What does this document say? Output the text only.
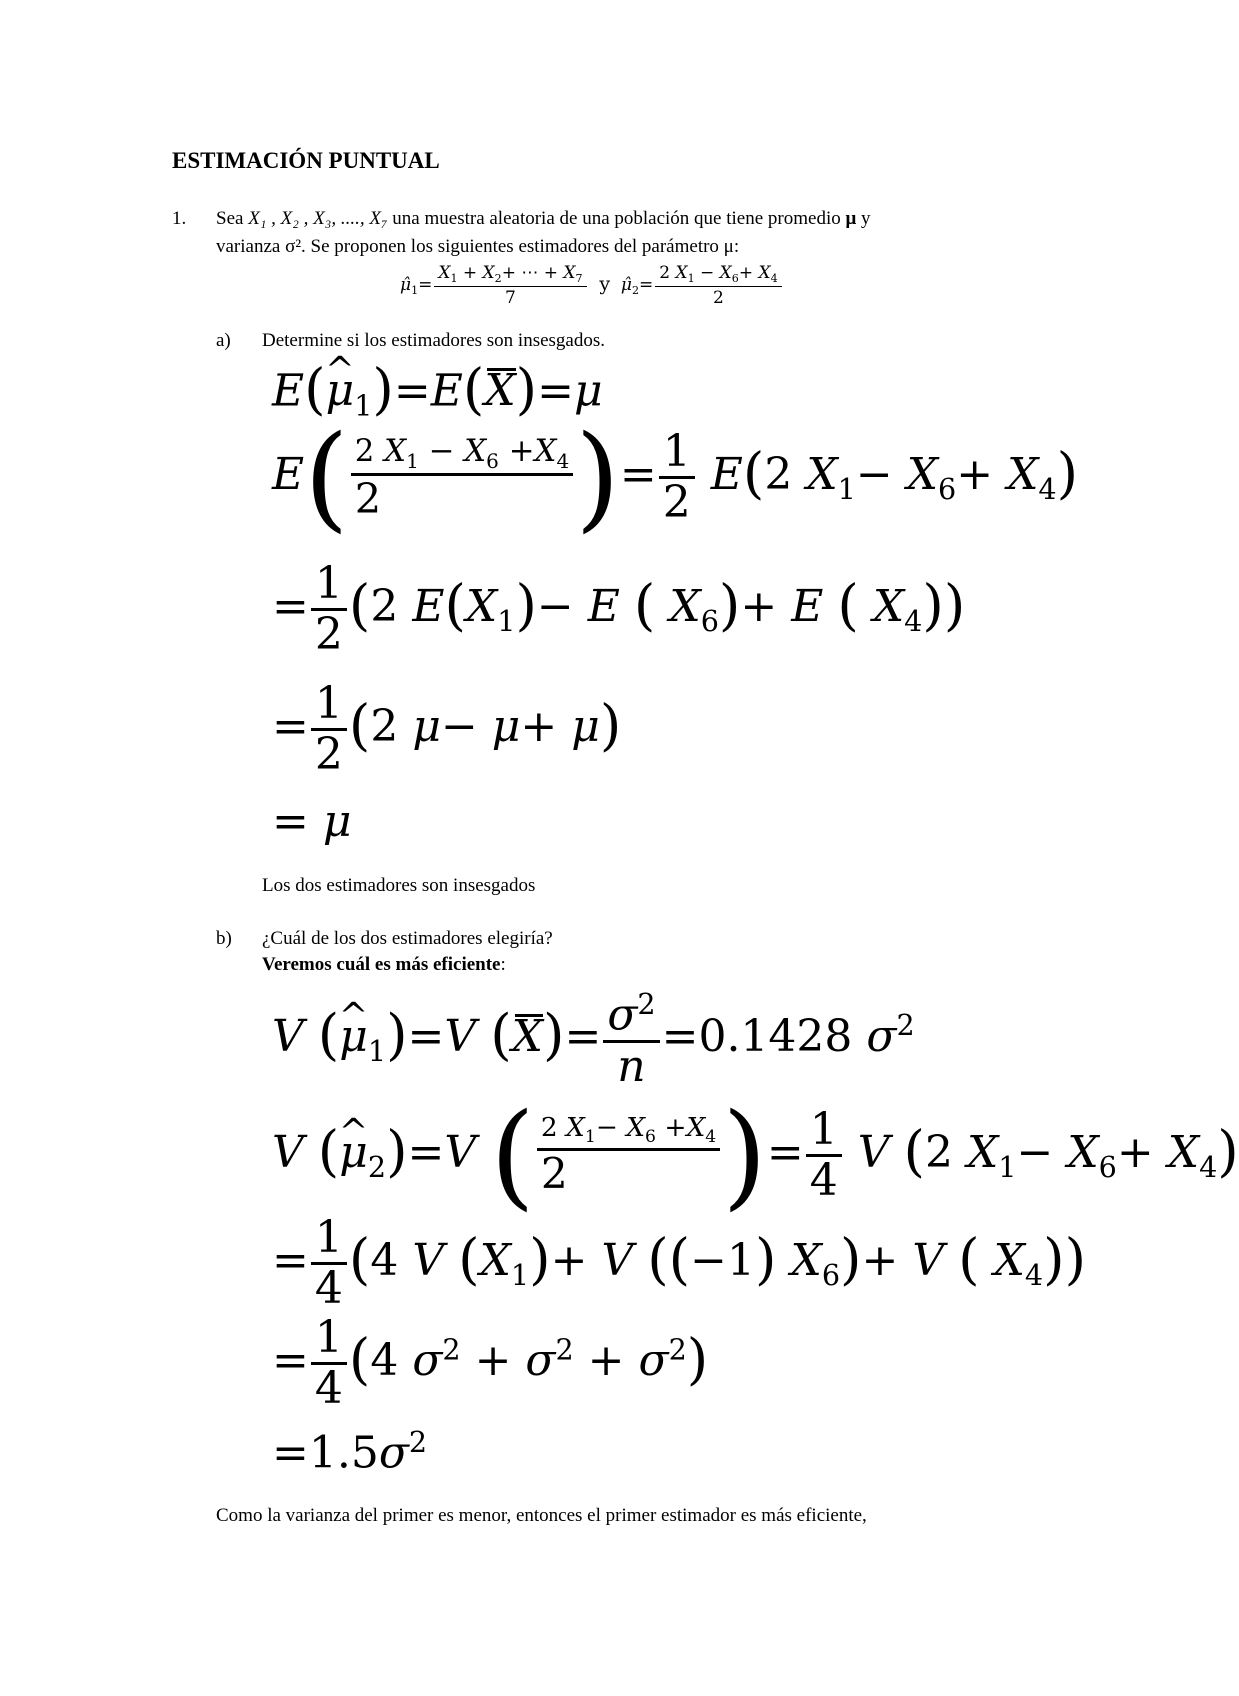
ESTIMACIÓN PUNTUAL
1. Sea X₁ , X₂ , X₃, ...., X₇ una muestra aleatoria de una población que tiene promedio μ y
varianza σ². Se proponen los siguientes estimadores del parámetro μ:
$\mû_1= \frac{X_1 + X_2+ \cdots + X_7}{7}$ y $\mû_2= \frac{2 X_1 - X_6+ X_4}{2}$
a) Determine si los estimadores son insesgados.
E(^ $\mu_1)=E(X)=\mu$
$E( \frac{2 X_1 - X_6 +X_4}{2}$ )= $\frac{1}{2} E(2$ $X_1- X_6+ X_4$)
= $\frac{1}{2} (2$ $E(X_1)- E$ ( $X_6)+ E$ ( $X_4$))
= $\frac{1}{2} (2$ μ− μ+ μ)
= μ
Los dos estimadores son insesgados
b) ¿Cuál de los dos estimadores elegiría?
Veremos cuál es más eficiente:
V (^ $\mu_1)=V$ $(X)= \frac{\sigma^2}{n} =0.1428$ $\sigma^2$
V (^ $\mu_2)=V$ ( $\frac{2 X_1- X_6 +X_4}{2}$ )= $\frac{1}{4}$ V (2 $X_1- X_6+ X_4$)
= $\frac{1}{4} (4$ V $(X_1)+ V$ ((−1) $X_6)+ V$ ( $X_4$))
= $\frac{1}{4} (4$ $\sigma^2 + \sigma^2 + \sigma^2$)
$=1.5\sigma^2$
Como la varianza del primer es menor, entonces el primer estimador es más eficiente,
